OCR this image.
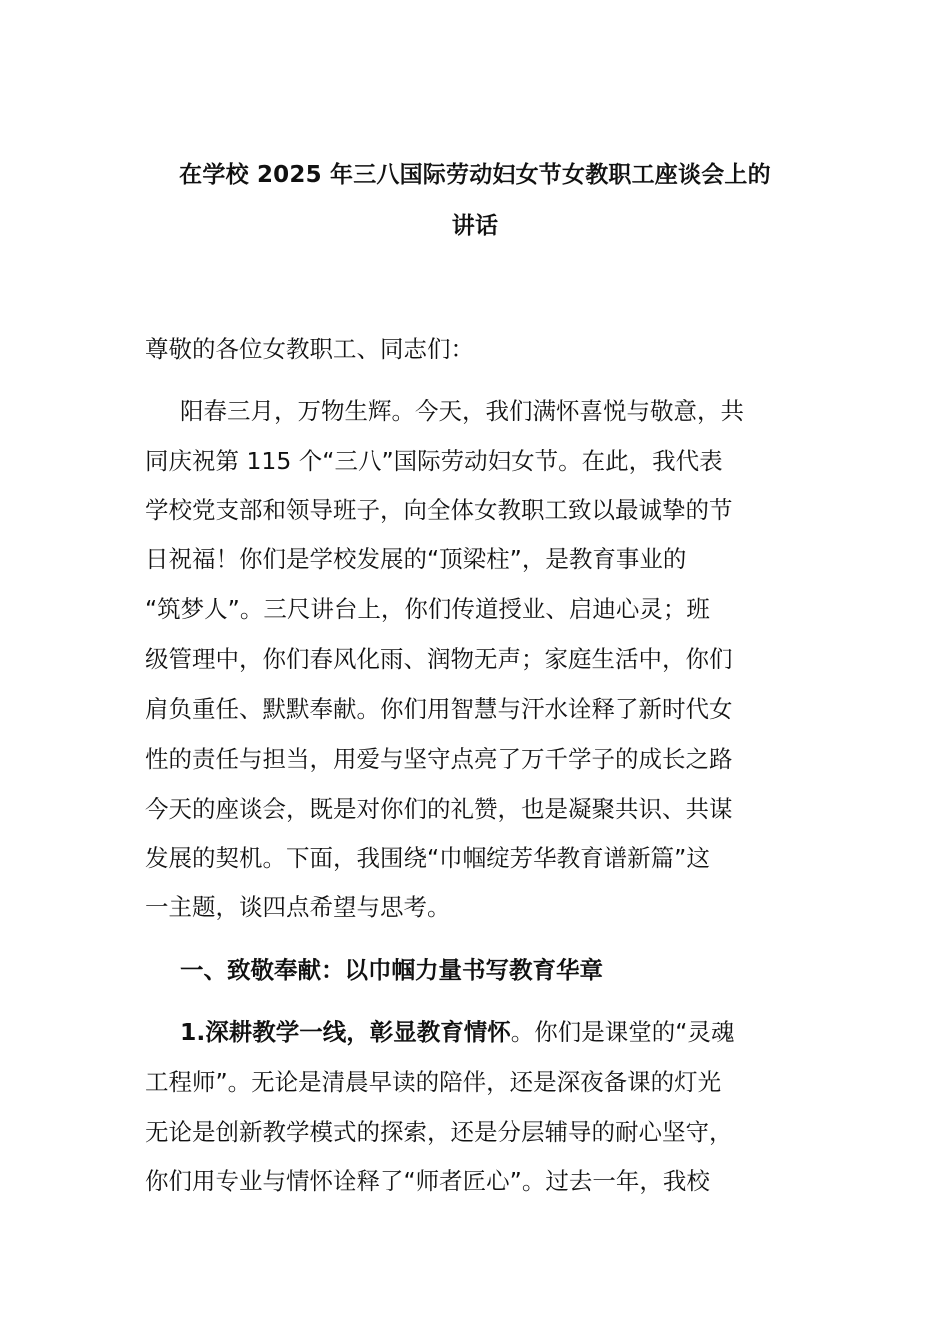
在学校 2025 年三八国际劳动妇女节女教职工座谈会上的
讲话
尊敬的各位女教职工、同志们：
阳春三月，万物生辉。今天，我们满怀喜悦与敬意，共
同庆祝第 115 个“三八”国际劳动妇女节。在此，我代表
学校党支部和领导班子，向全体女教职工致以最诚挚的节
日祝福！你们是学校发展的“顶梁柱”，是教育事业的
“筑梦人”。三尺讲台上，你们传道授业、启迪心灵；班
级管理中，你们春风化雨、润物无声；家庭生活中，你们
肩负重任、默默奉献。你们用智慧与汗水诠释了新时代女
性的责任与担当，用爱与坚守点亮了万千学子的成长之路
今天的座谈会，既是对你们的礼赞，也是凝聚共识、共谋
发展的契机。下面，我围绕“巾帼绽芳华教育谱新篇”这
一主题，谈四点希望与思考。
一、致敬奉献：以巾帼力量书写教育华章
1.深耕教学一线，彰显教育情怀。你们是课堂的“灵魂
工程师”。无论是清晨早读的陪伴，还是深夜备课的灯光
无论是创新教学模式的探索，还是分层辅导的耐心坚守，
你们用专业与情怀诠释了“师者匠心”。过去一年，我校
